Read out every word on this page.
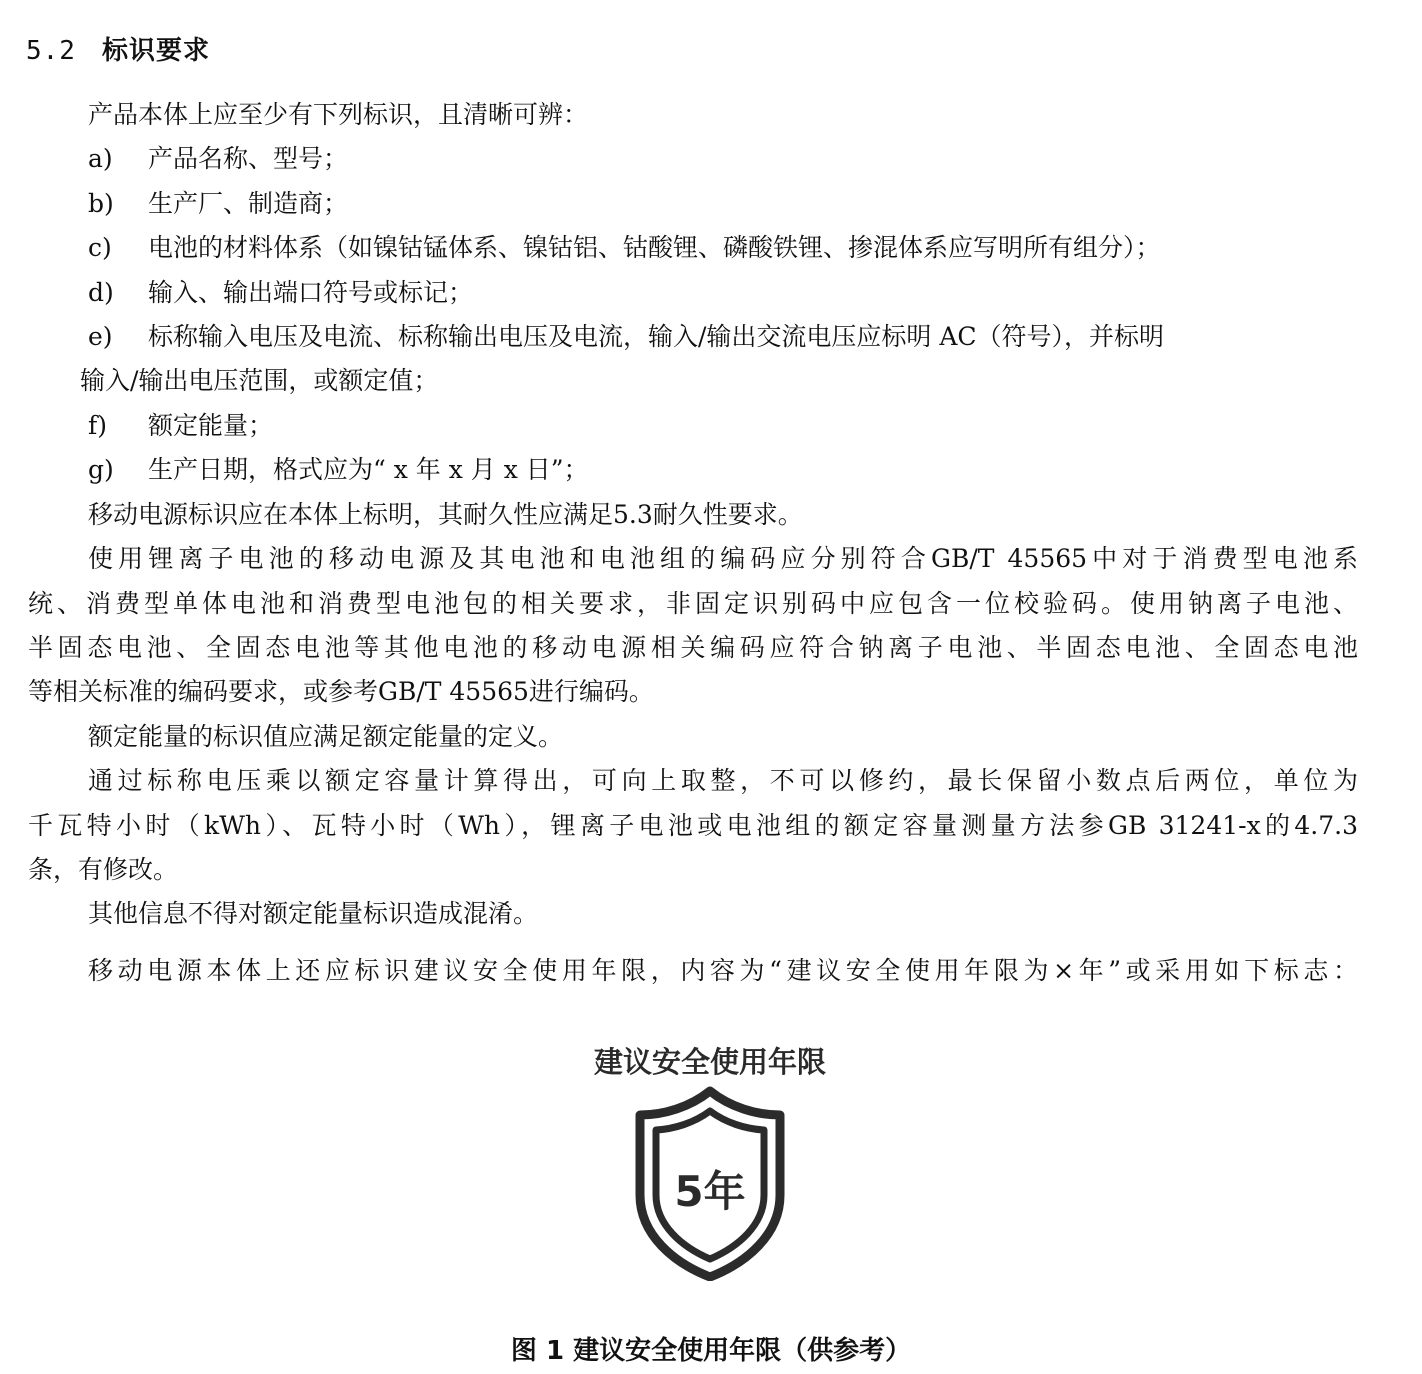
5.2 标识要求
产品本体上应至少有下列标识，且清晰可辨：
a) 产品名称、型号；
b) 生产厂、制造商；
c) 电池的材料体系（如镍钴锰体系、镍钴铝、钴酸锂、磷酸铁锂、掺混体系应写明所有组分）；
d) 输入、输出端口符号或标记；
e) 标称输入电压及电流、标称输出电压及电流，输入/输出交流电压应标明 AC（符号），并标明
输入/输出电压范围，或额定值；
f) 额定能量；
g) 生产日期，格式应为“ x 年 x 月 x 日”；
移动电源标识应在本体上标明，其耐久性应满足5.3耐久性要求。
使用锂离子电池的移动电源及其电池和电池组的编码应分别符合GB/T 45565中对于消费型电池系
统、消费型单体电池和消费型电池包的相关要求，非固定识别码中应包含一位校验码。使用钠离子电池、
半固态电池、全固态电池等其他电池的移动电源相关编码应符合钠离子电池、半固态电池、全固态电池
等相关标准的编码要求，或参考GB/T 45565进行编码。
额定能量的标识值应满足额定能量的定义。
通过标称电压乘以额定容量计算得出，可向上取整，不可以修约，最长保留小数点后两位，单位为
千瓦特小时（kWh）、瓦特小时（Wh），锂离子电池或电池组的额定容量测量方法参GB 31241-x的4.7.3
条，有修改。
其他信息不得对额定能量标识造成混淆。
移动电源本体上还应标识建议安全使用年限，内容为“建议安全使用年限为×年”或采用如下标志：
建议安全使用年限
5年
图 1 建议安全使用年限（供参考）
